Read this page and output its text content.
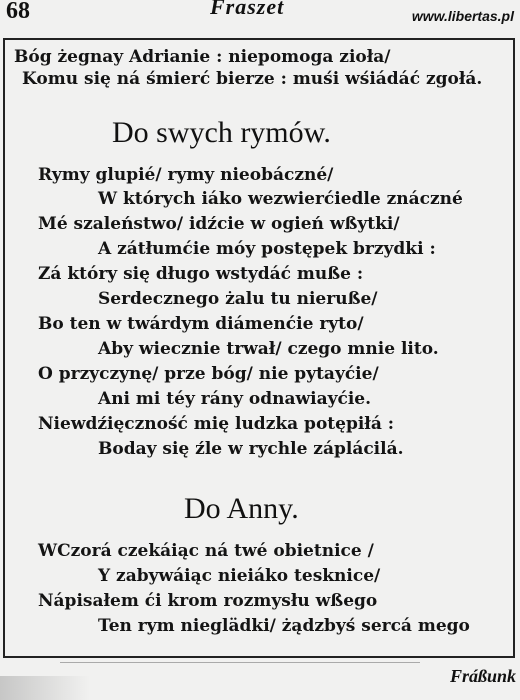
68	Fraszet	www.libertas.pl
Bóg żegnay Adrianie : niepomoga zioła/
Komu się ná śmierć bierze : muśi wśiádáć zgołá.
Do swych rymów.
Rymy glupié/ rymy nieobáczné/
W których iáko wezwierćiedle znáczné
Mé szaleństwo/ idźcie w ogień wßytki/
A zátłumćie móy postępek brzydki :
Zá który się długo wstydáć muße :
Serdecznego żalu tu nieruße/
Bo ten w twárdym diámenćie ryto/
Aby wiecznie trwał/ czego mnie lito.
O przyczynę/ prze bóg/ nie pytayćie/
Ani mi téy rány odnawiayćie.
Niewdźięczność mię ludzka potępiłá :
Boday się źle w rychle záplácilá.
Do Anny.
WCzorá czekáiąc ná twé obietnice /
Y zabywáiąc nieiáko tesknice/
Nápisałem ći krom rozmysłu wßego
Ten rym nieglädki/ żądzbyś sercá mego
Fráßunk
